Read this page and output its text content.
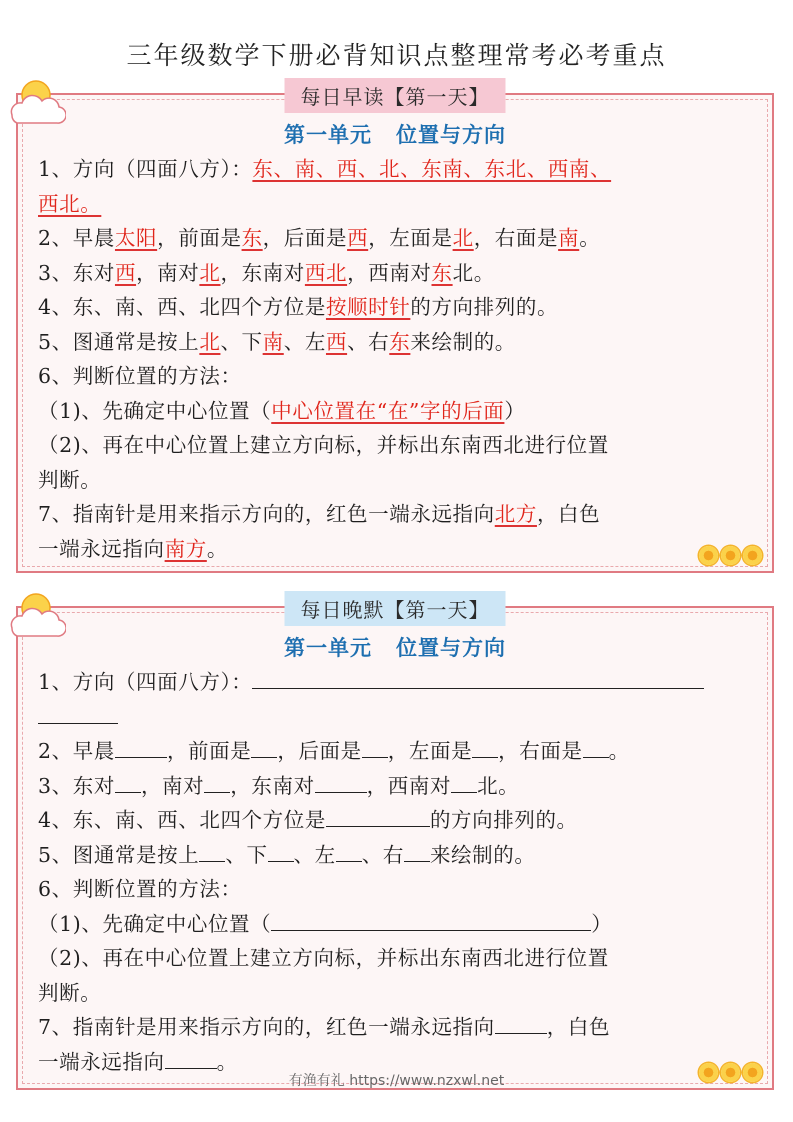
三年级数学下册必背知识点整理常考必考重点
每日早读【第一天】
第一单元 位置与方向
1、方向（四面八方）：东、南、西、北、东南、东北、西南、
西北。
2、早晨太阳，前面是东，后面是西，左面是北，右面是南。
3、东对西，南对北，东南对西北，西南对东北。
4、东、南、西、北四个方位是按顺时针的方向排列的。
5、图通常是按上北、下南、左西、右东来绘制的。
6、判断位置的方法：
（1)、先确定中心位置（中心位置在“在”字的后面）
（2)、再在中心位置上建立方向标，并标出东南西北进行位置
判断。
7、指南针是用来指示方向的，红色一端永远指向北方，白色
一端永远指向南方。
每日晚默【第一天】
第一单元 位置与方向
1、方向（四面八方）：
2、早晨	，前面是 ，后面是 ，左面是 ，右面是 。
3、东对 ，南对 ，东南对	，西南对 北。
4、东、南、西、北四个方位是	的方向排列的。
5、图通常是按上 、下 、左 、右 来绘制的。
6、判断位置的方法：
（1)、先确定中心位置（	）
（2)、再在中心位置上建立方向标，并标出东南西北进行位置
判断。
7、指南针是用来指示方向的，红色一端永远指向	，白色
一端永远指向	。
有渔有礼 https://www.nzxwl.net
